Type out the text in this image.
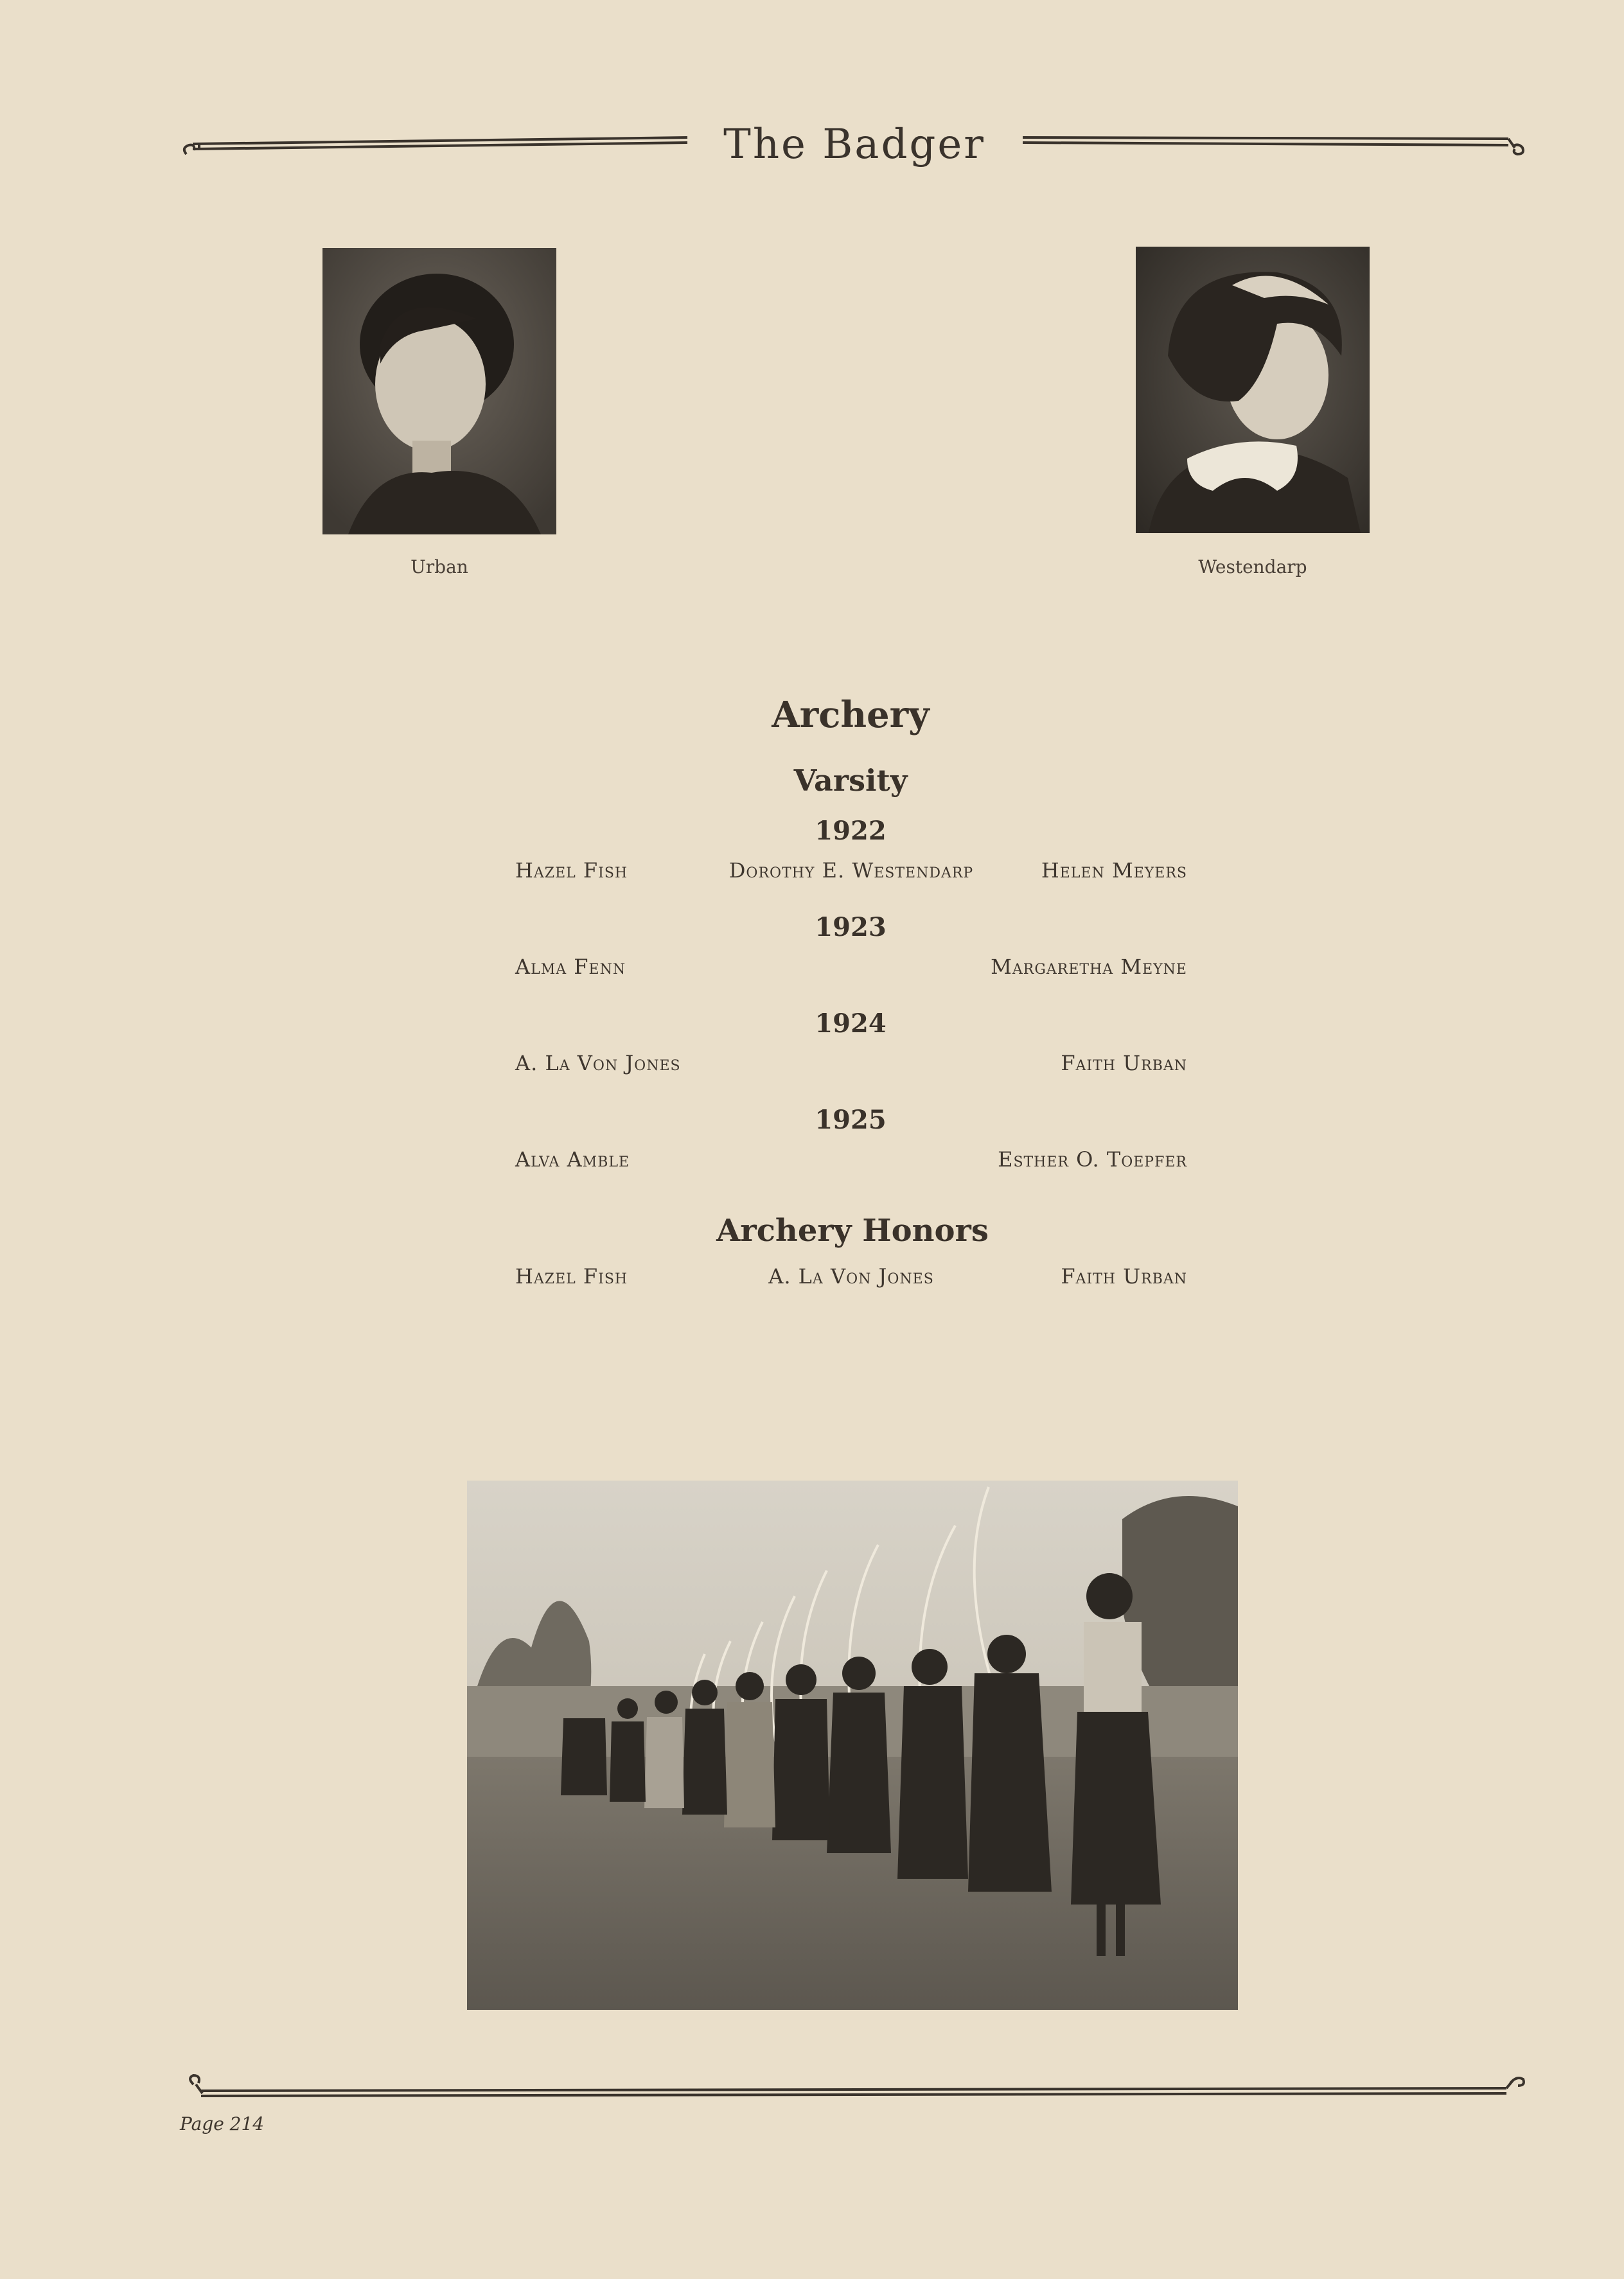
The Badger
Urban	Westendarp
Archery
Varsity
1922
Hazel Fish	Dorothy E. Westendarp	Helen Meyers
1923
Alma Fenn	Margaretha Meyne
1924
A. La Von Jones	Faith Urban
1925
Alva Amble	Esther O. Toepfer
Archery Honors
Hazel Fish	A. La Von Jones	Faith Urban
Page 214
